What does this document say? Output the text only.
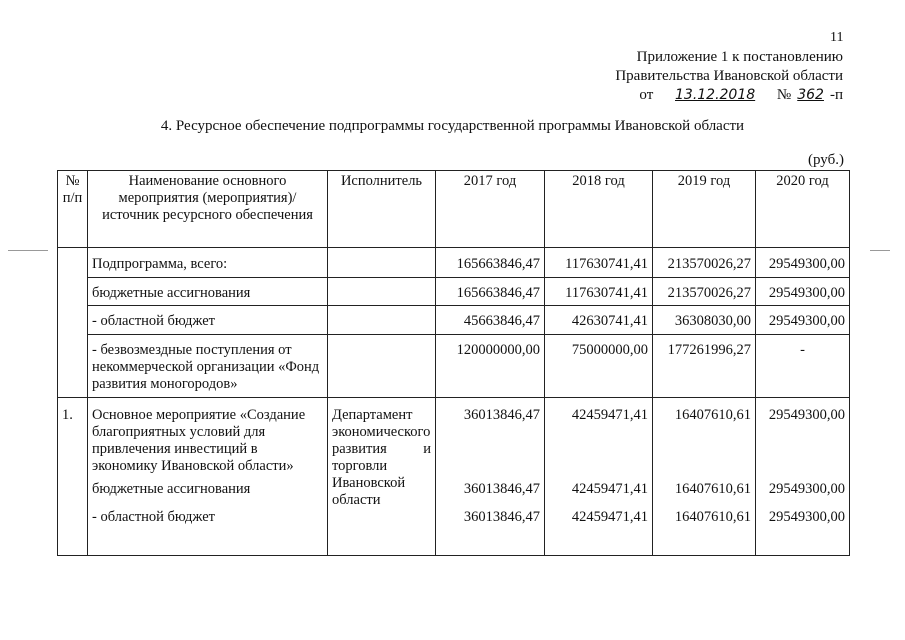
11
Приложение 1 к постановлению
Правительства Ивановской области
от 13.12.2018 № 362 -п
4. Ресурсное обеспечение подпрограммы государственной программы Ивановской области
(руб.)
№ п/п	Наименование основного мероприятия (мероприятия)/источник ресурсного обеспечения	Исполнитель	2017 год	2018 год	2019 год	2020 год
	Подпрограмма, всего:		165663846,47	117630741,41	213570026,27	29549300,00
	бюджетные ассигнования		165663846,47	117630741,41	213570026,27	29549300,00
	- областной бюджет		45663846,47	42630741,41	36308030,00	29549300,00
	- безвозмездные поступления от некоммерческой организации «Фонд развития моногородов»		120000000,00	75000000,00	177261996,27	-
1.	Основное мероприятие «Создание благоприятных условий для привлечения инвестиций в экономику Ивановской области»	Департамент экономического развития и торговли Ивановской области	36013846,47	42459471,41	16407610,61	29549300,00
	бюджетные ассигнования		36013846,47	42459471,41	16407610,61	29549300,00
	- областной бюджет		36013846,47	42459471,41	16407610,61	29549300,00
